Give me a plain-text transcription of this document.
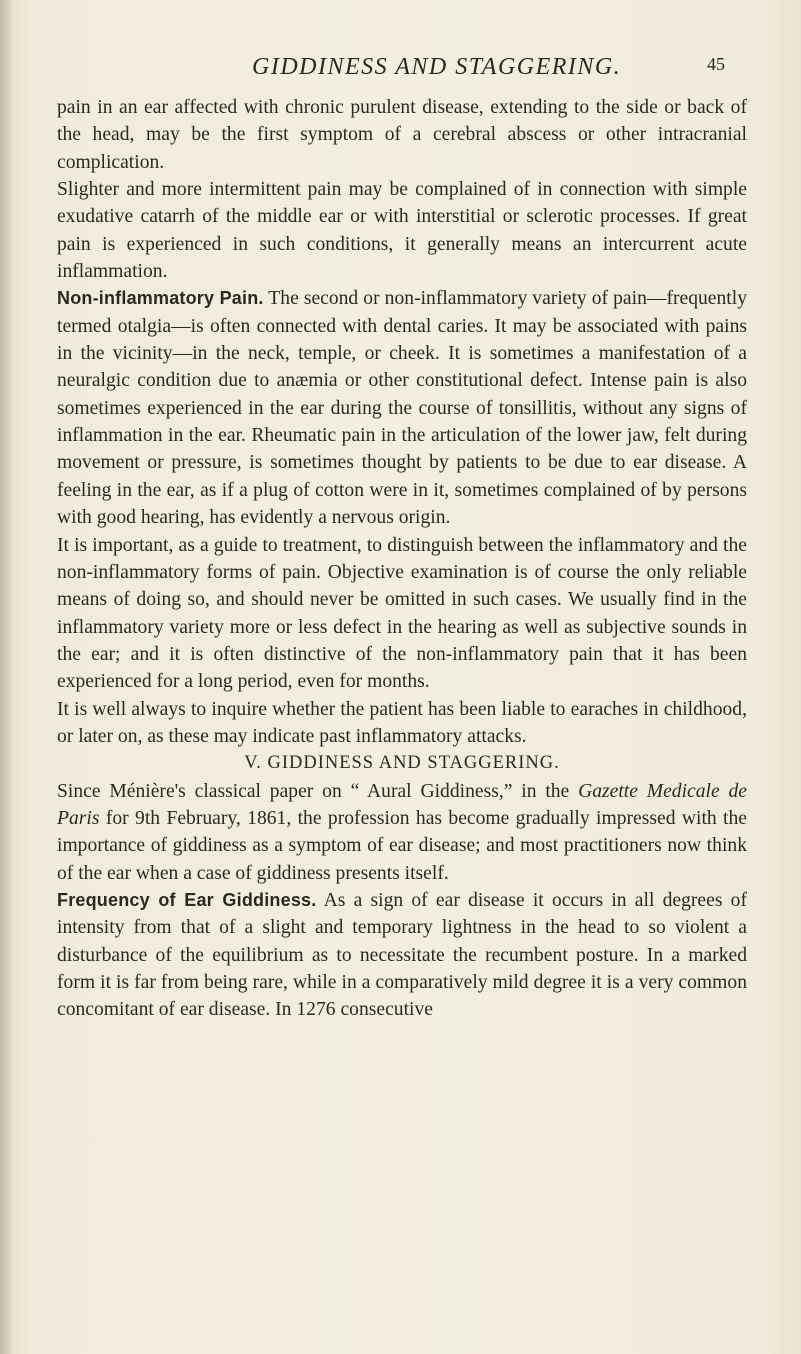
GIDDINESS AND STAGGERING.	45

pain in an ear affected with chronic purulent disease, extending to the side or back of the head, may be the first symptom of a cerebral abscess or other intracranial complication.

Slighter and more intermittent pain may be complained of in connection with simple exudative catarrh of the middle ear or with interstitial or sclerotic processes. If great pain is experienced in such conditions, it generally means an intercurrent acute inflammation.

Non-inflammatory Pain. The second or non-inflammatory variety of pain—frequently termed otalgia—is often connected with dental caries. It may be associated with pains in the vicinity—in the neck, temple, or cheek. It is sometimes a manifestation of a neuralgic condition due to anæmia or other constitutional defect. Intense pain is also sometimes experienced in the ear during the course of tonsillitis, without any signs of inflammation in the ear. Rheumatic pain in the articulation of the lower jaw, felt during movement or pressure, is sometimes thought by patients to be due to ear disease. A feeling in the ear, as if a plug of cotton were in it, sometimes complained of by persons with good hearing, has evidently a nervous origin.

It is important, as a guide to treatment, to distinguish between the inflammatory and the non-inflammatory forms of pain. Objective examination is of course the only reliable means of doing so, and should never be omitted in such cases. We usually find in the inflammatory variety more or less defect in the hearing as well as subjective sounds in the ear; and it is often distinctive of the non-inflammatory pain that it has been experienced for a long period, even for months.

It is well always to inquire whether the patient has been liable to earaches in childhood, or later on, as these may indicate past inflammatory attacks.

V. GIDDINESS AND STAGGERING.

Since Ménière's classical paper on “ Aural Giddiness,” in the Gazette Medicale de Paris for 9th February, 1861, the profession has become gradually impressed with the importance of giddiness as a symptom of ear disease; and most practitioners now think of the ear when a case of giddiness presents itself.

Frequency of Ear Giddiness. As a sign of ear disease it occurs in all degrees of intensity from that of a slight and temporary lightness in the head to so violent a disturbance of the equilibrium as to necessitate the recumbent posture. In a marked form it is far from being rare, while in a comparatively mild degree it is a very common concomitant of ear disease. In 1276 consecutive
